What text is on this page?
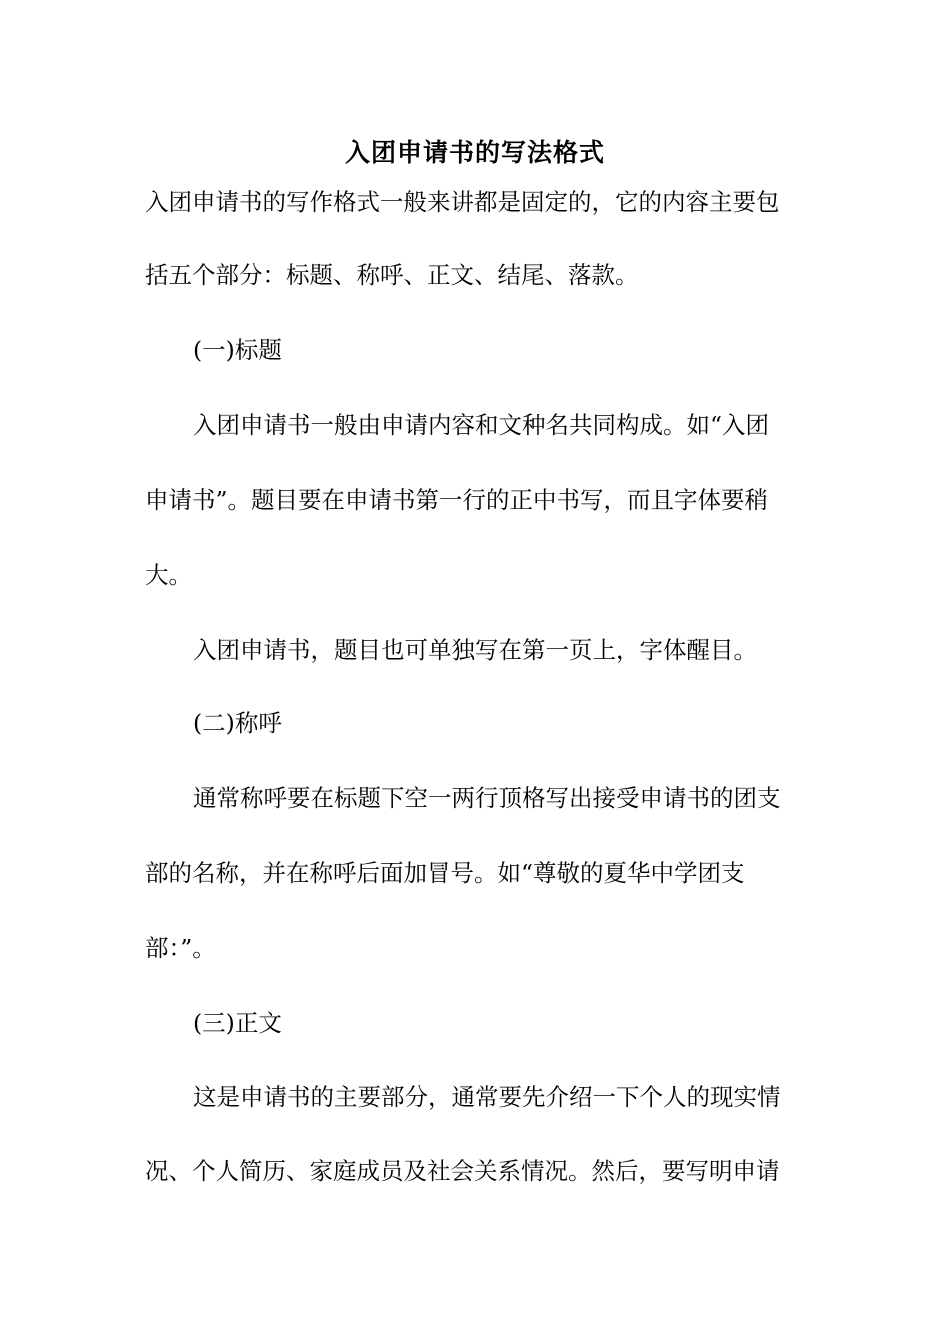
入团申请书的写法格式
入团申请书的写作格式一般来讲都是固定的，它的内容主要包
括五个部分：标题、称呼、正文、结尾、落款。
(一)标题
入团申请书一般由申请内容和文种名共同构成。如“入团
申请书”。题目要在申请书第一行的正中书写，而且字体要稍
大。
入团申请书，题目也可单独写在第一页上，字体醒目。
(二)称呼
通常称呼要在标题下空一两行顶格写出接受申请书的团支
部的名称，并在称呼后面加冒号。如“尊敬的夏华中学团支
部：”。
(三)正文
这是申请书的主要部分，通常要先介绍一下个人的现实情
况、个人简历、家庭成员及社会关系情况。然后，要写明申请
